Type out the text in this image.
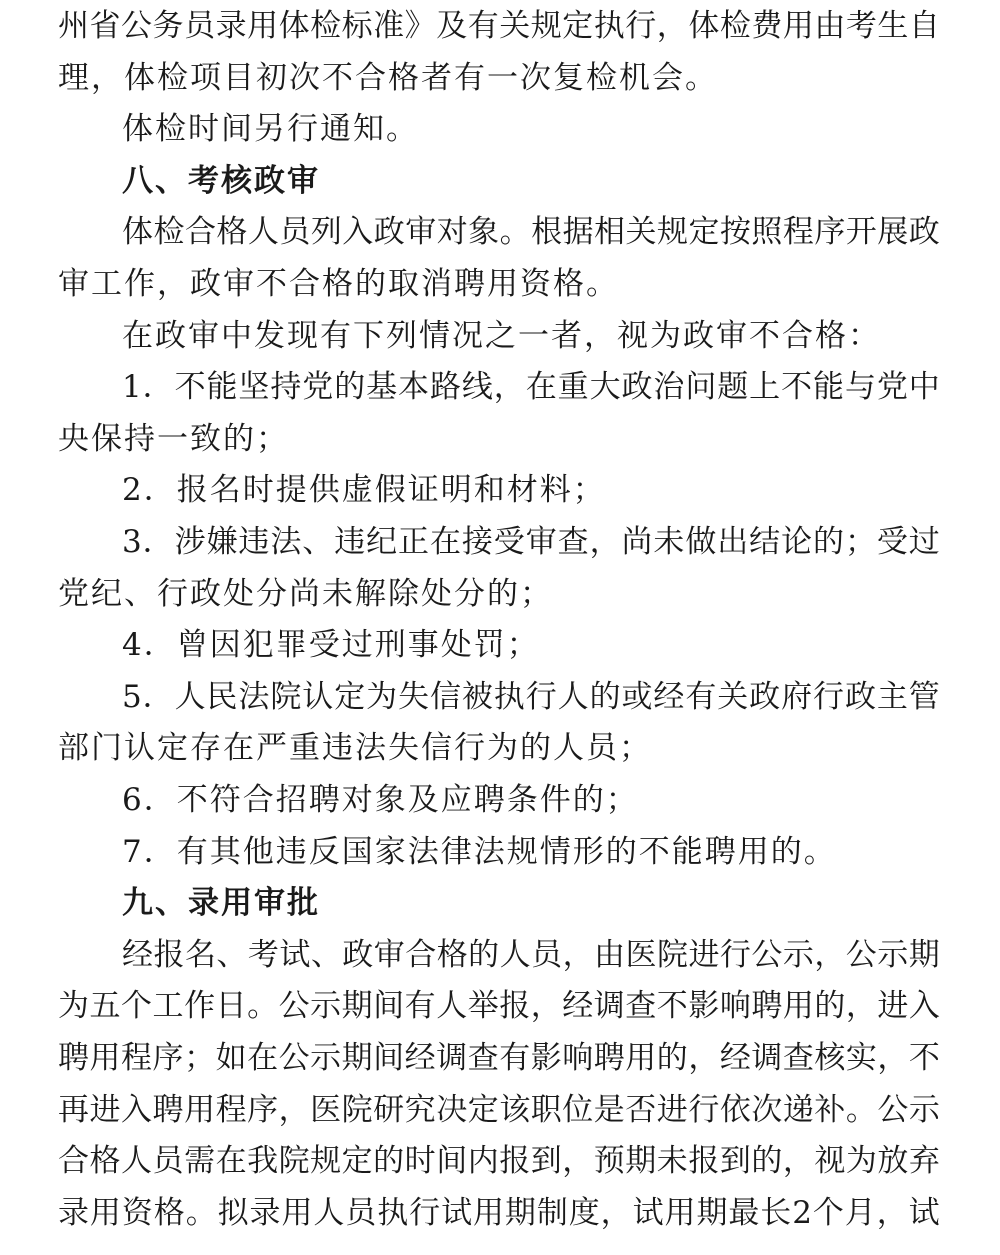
州 省 公 务 员 录 用 体 检 标 准 》 及 有 关 规 定 执 行 ， 体 检 费 用 由 考 生 自
理，体检项目初次不合格者有一次复检机会。
体检时间另行通知。
八、考核政审
体 检 合 格 人 员 列 入 政 审 对 象 。 根 据 相 关 规 定 按 照 程 序 开 展 政
审工作，政审不合格的取消聘用资格。
在政审中发现有下列情况之一者，视为政审不合格：
1 ． 不 能 坚 持 党 的 基 本 路 线 ， 在 重 大 政 治 问 题 上 不 能 与 党 中
央保持一致的；
2．报名时提供虚假证明和材料；
3 ． 涉 嫌 违 法 、 违 纪 正 在 接 受 审 查 ， 尚 未 做 出 结 论 的 ； 受 过
党纪、行政处分尚未解除处分的；
4．曾因犯罪受过刑事处罚；
5 ． 人 民 法 院 认 定 为 失 信 被 执 行 人 的 或 经 有 关 政 府 行 政 主 管
部门认定存在严重违法失信行为的人员；
6．不符合招聘对象及应聘条件的；
7．有其他违反国家法律法规情形的不能聘用的。
九、录用审批
经 报 名 、 考 试 、 政 审 合 格 的 人 员 ， 由 医 院 进 行 公 示 ， 公 示 期
为 五 个 工 作 日 。 公 示 期 间 有 人 举 报 ， 经 调 查 不 影 响 聘 用 的 ， 进 入
聘 用 程 序 ； 如 在 公 示 期 间 经 调 查 有 影 响 聘 用 的 ， 经 调 查 核 实 ， 不
再 进 入 聘 用 程 序 ， 医 院 研 究 决 定 该 职 位 是 否 进 行 依 次 递 补 。 公 示
合 格 人 员 需 在 我 院 规 定 的 时 间 内 报 到 ， 预 期 未 报 到 的 ， 视 为 放 弃
录 用 资 格 。 拟 录 用 人 员 执 行 试 用 期 制 度 ， 试 用 期 最 长 2 个 月 ， 试
